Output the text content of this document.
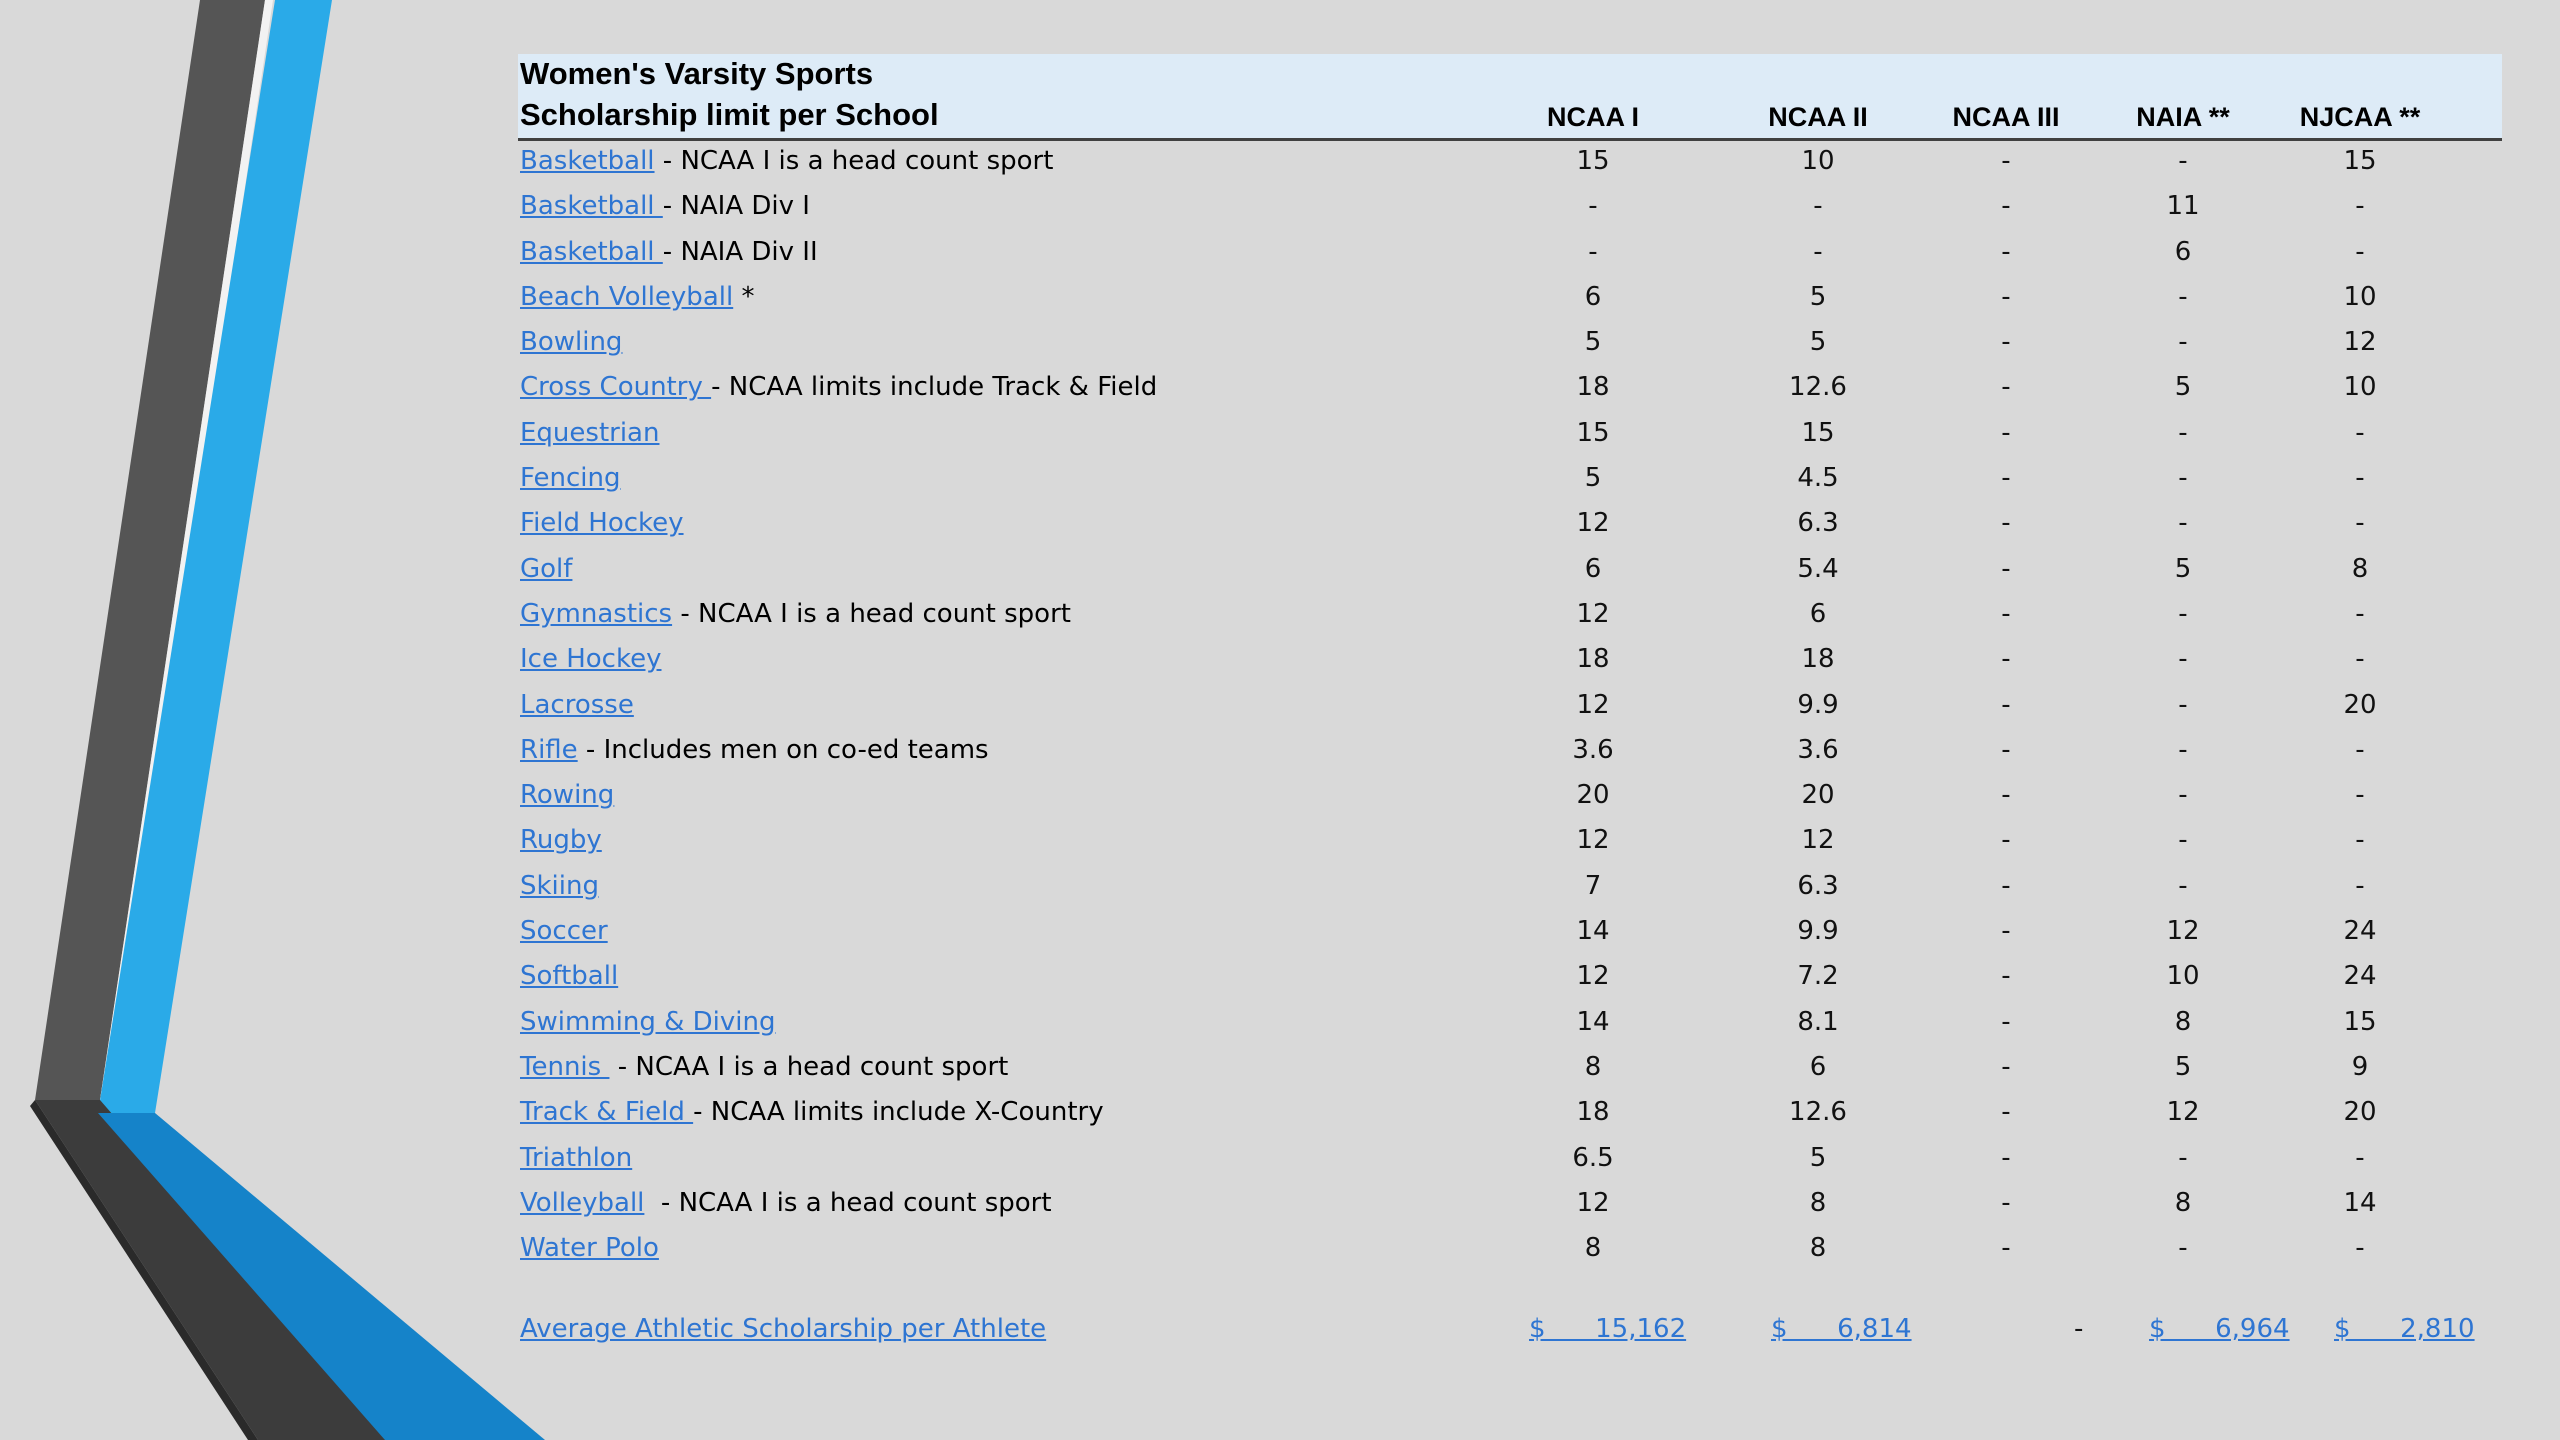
Women's Varsity Sports
Scholarship limit per School	NCAA I	NCAA II	NCAA III	NAIA **	NJCAA **
Basketball - NCAA I is a head count sport	15	10	-	-	15
Basketball - NAIA Div I	-	-	-	11	-
Basketball - NAIA Div II	-	-	-	6	-
Beach Volleyball *	6	5	-	-	10
Bowling	5	5	-	-	12
Cross Country - NCAA limits include Track & Field	18	12.6	-	5	10
Equestrian	15	15	-	-	-
Fencing	5	4.5	-	-	-
Field Hockey	12	6.3	-	-	-
Golf	6	5.4	-	5	8
Gymnastics - NCAA I is a head count sport	12	6	-	-	-
Ice Hockey	18	18	-	-	-
Lacrosse	12	9.9	-	-	20
Rifle - Includes men on co-ed teams	3.6	3.6	-	-	-
Rowing	20	20	-	-	-
Rugby	12	12	-	-	-
Skiing	7	6.3	-	-	-
Soccer	14	9.9	-	12	24
Softball	12	7.2	-	10	24
Swimming & Diving	14	8.1	-	8	15
Tennis  - NCAA I is a head count sport	8	6	-	5	9
Track & Field - NCAA limits include X-Country	18	12.6	-	12	20
Triathlon	6.5	5	-	-	-
Volleyball  - NCAA I is a head count sport	12	8	-	8	14
Water Polo	8	8	-	-	-
Average Athletic Scholarship per Athlete	$      15,162	$      6,814	-	$      6,964 $      2,810
